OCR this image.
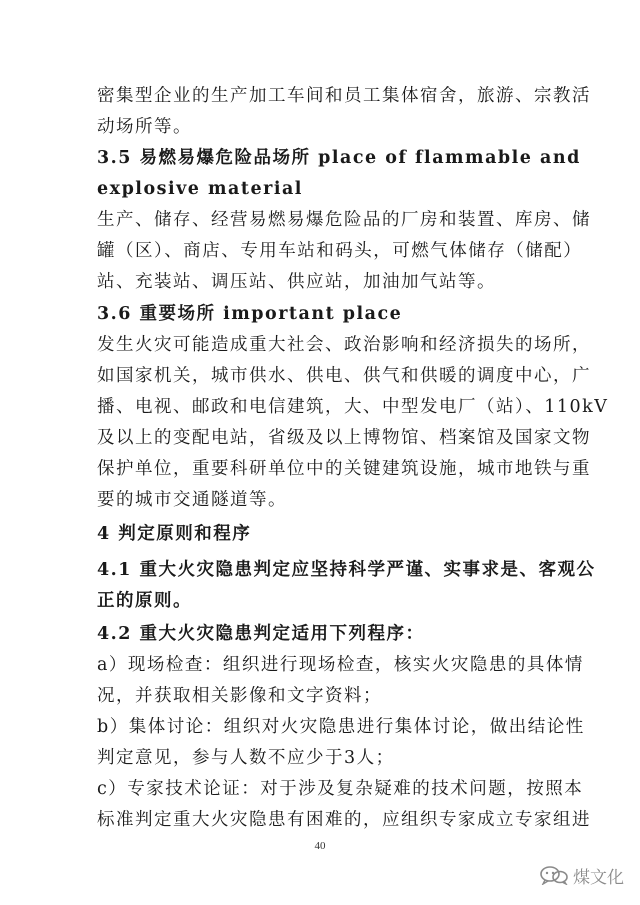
密集型企业的生产加工车间和员工集体宿舍，旅游、宗教活
动场所等。
3.5 易燃易爆危险品场所 place of flammable and
explosive material
生产、储存、经营易燃易爆危险品的厂房和装置、库房、储
罐（区）、商店、专用车站和码头，可燃气体储存（储配）
站、充装站、调压站、供应站，加油加气站等。
3.6 重要场所 important place
发生火灾可能造成重大社会、政治影响和经济损失的场所，
如国家机关，城市供水、供电、供气和供暖的调度中心，广
播、电视、邮政和电信建筑，大、中型发电厂（站）、110kV
及以上的变配电站，省级及以上博物馆、档案馆及国家文物
保护单位，重要科研单位中的关键建筑设施，城市地铁与重
要的城市交通隧道等。
4 判定原则和程序
4.1 重大火灾隐患判定应坚持科学严谨、实事求是、客观公
正的原则。
4.2 重大火灾隐患判定适用下列程序：
a）现场检查：组织进行现场检查，核实火灾隐患的具体情
况，并获取相关影像和文字资料；
b）集体讨论：组织对火灾隐患进行集体讨论，做出结论性
判定意见，参与人数不应少于3人；
c）专家技术论证：对于涉及复杂疑难的技术问题，按照本
标准判定重大火灾隐患有困难的，应组织专家成立专家组进
40
煤文化
